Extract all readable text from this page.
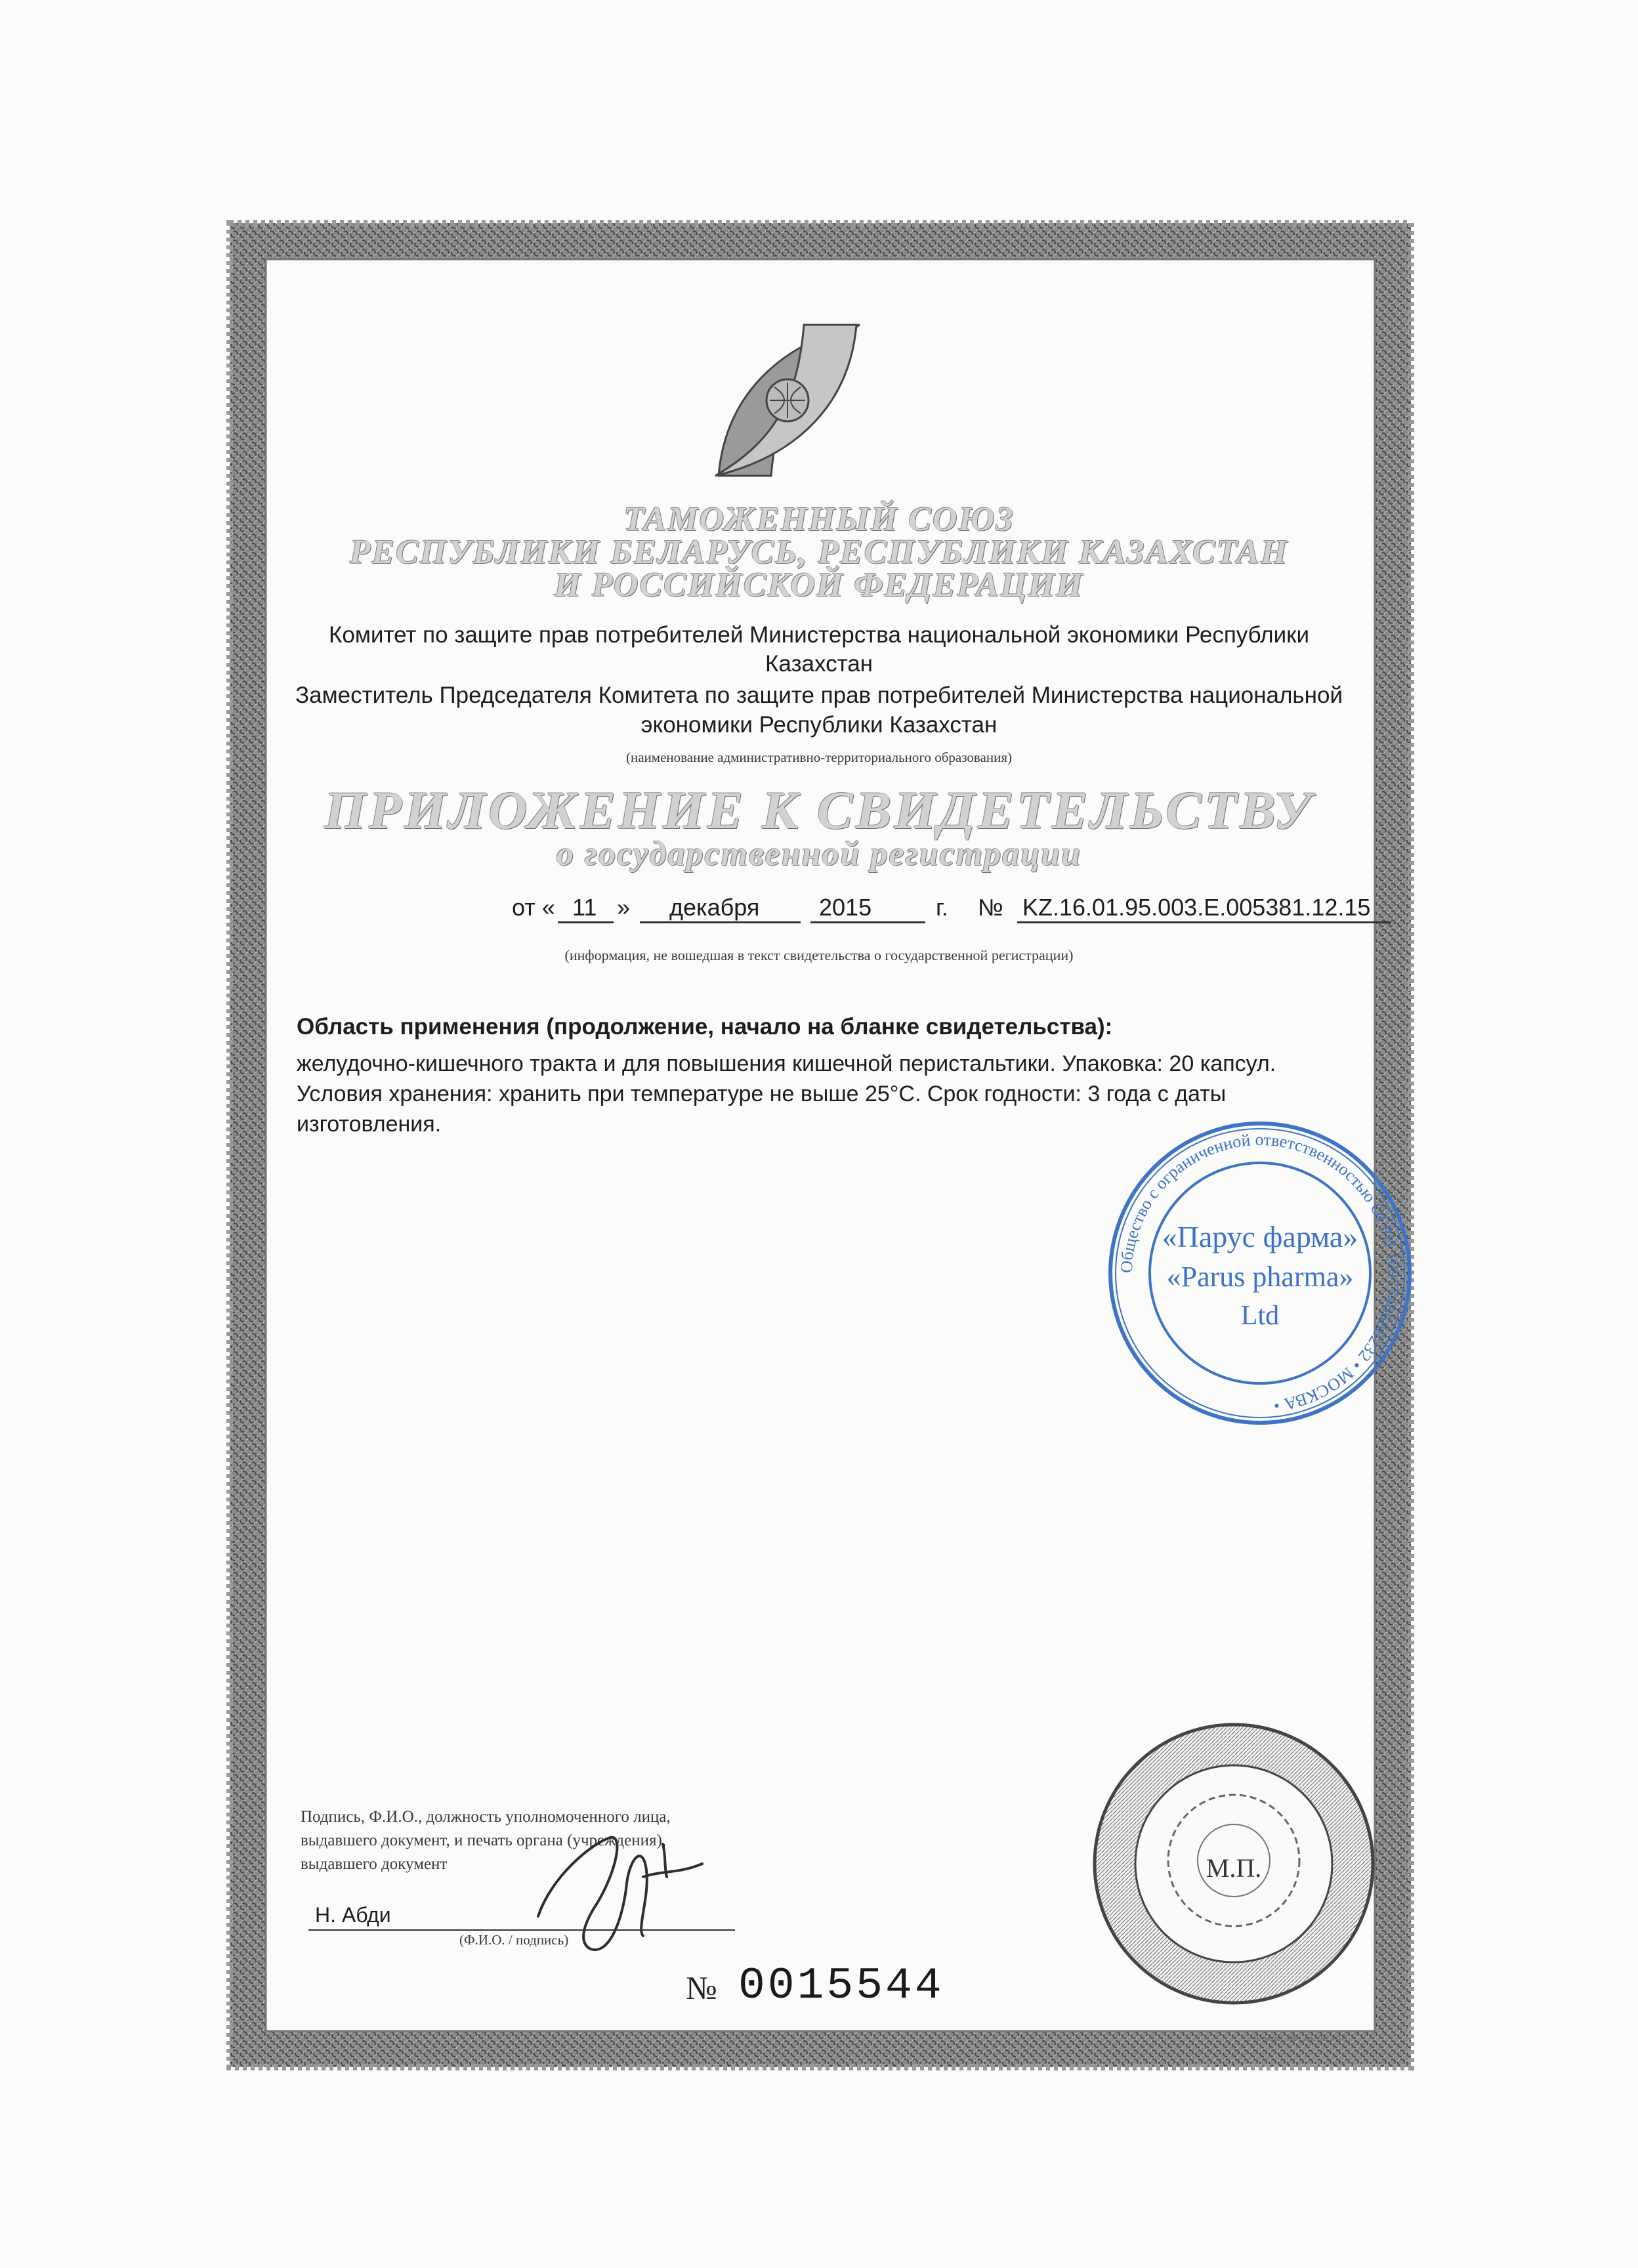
ТАМОЖЕННЫЙ СОЮЗ
РЕСПУБЛИКИ БЕЛАРУСЬ, РЕСПУБЛИКИ КАЗАХСТАН
И РОССИЙСКОЙ ФЕДЕРАЦИИ
Комитет по защите прав потребителей Министерства национальной экономики Республики
Казахстан
Заместитель Председателя Комитета по защите прав потребителей Министерства национальной
экономики Республики Казахстан
(наименование административно-территориального образования)
ПРИЛОЖЕНИЕ К СВИДЕТЕЛЬСТВУ
о государственной регистрации
от « 11 » декабря	2015	г. № KZ.16.01.95.003.E.005381.12.15
(информация, не вошедшая в текст свидетельства о государственной регистрации)
Область применения (продолжение, начало на бланке свидетельства):
желудочно-кишечного тракта и для повышения кишечной перистальтики. Упаковка: 20 капсул.
Условия хранения: хранить при температуре не выше 25°С. Срок годности: 3 года с даты
изготовления.
Общество с ограниченной ответственностью ОГРН 1097746668232 • МОСКВА •
«Парус фарма»
«Parus pharma»
Ltd
Подпись, Ф.И.О., должность уполномоченного лица,
выдавшего документ, и печать органа (учреждения),
выдавшего документ
Н. Абди
(Ф.И.О. / подпись)
М.П.
№ 0015544
г. Алматы. РФ. Зак. № 3-4-5
